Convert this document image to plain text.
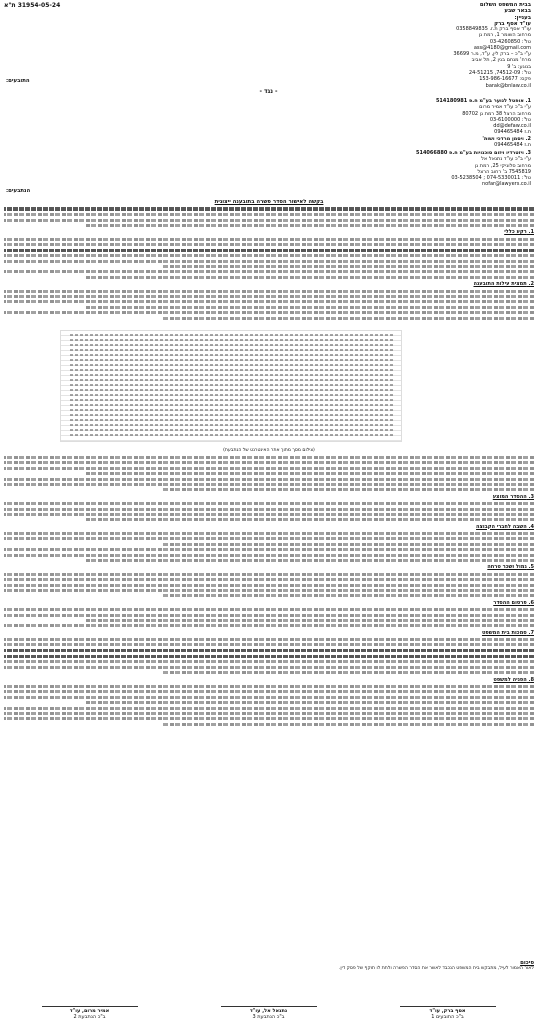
31954-05-24 ת"א	בבית המשפט השלום
בבאר שבע
בעניין:
עו"ד אסף ברק
עו"ד אסף ברק ת.ז. 0358849835
מרחוב השומר 1, רמת גן
טל': 03-4260850
ass@4180@gmail.com
ע"י ב"כ – ברק לין, ע"ד, מ.ר 36699
מרח' מנחם בגין 2, תל אביב
בנוגע: ב' 9
טל': 74512-09, 24-51215
פקס: 153-986-16677
barak@bnlaw.co.il
התובעים:
- נגד -
1. אופטל לנוער בע"מ ח.פ 514180981
ע"י ב"כ עו"ד אמיר מרום
מרחוב הרצל 38 רמת גן 80702
טל': 03-6100000
dd@defaw.co.il
ת.ז 094465484
2. ויסמן מרדכי ושות'
ת.ז 094465484
3. ויזטרדיו ויזום סוכנויות בע"מ ח.פ 514066880
ע"י ב"כ עו"ד נתנאל אל
מרחוב סלוניקי 25, רמת גן
7545819 ב' רחוב הרצל
טל': 074-5330011 ; 03-5238504
nofar@lawyers.co.il
הנתבעים:
בקשה לאישור הסדר פשרה בתובענה ייצוגית
1. רקע כללי
2. תמצית עילות התובענה
(צילום מסך מתוך אתר האינטרנט של הנתבעת)
3. ההסדר המוצע
4. השבה לחברי הקבוצה
5. גמול ושכר טרחה
6. פרסום ההסדר
7. סמכות בית המשפט
8. הפניה למשפט
סיכום
לאור האמור לעיל, מתבקש בית המשפט הנכבד לאשר את הסדר הפשרה ולתת לו תוקף של פסק דין.
אסף ברק, עו"ד
ב"כ התובעים 1
נתנאל אל, עו"ד
ב"כ הנתבעת 3
אמיר מרום, עו"ד
ב"כ הנתבעת 2
